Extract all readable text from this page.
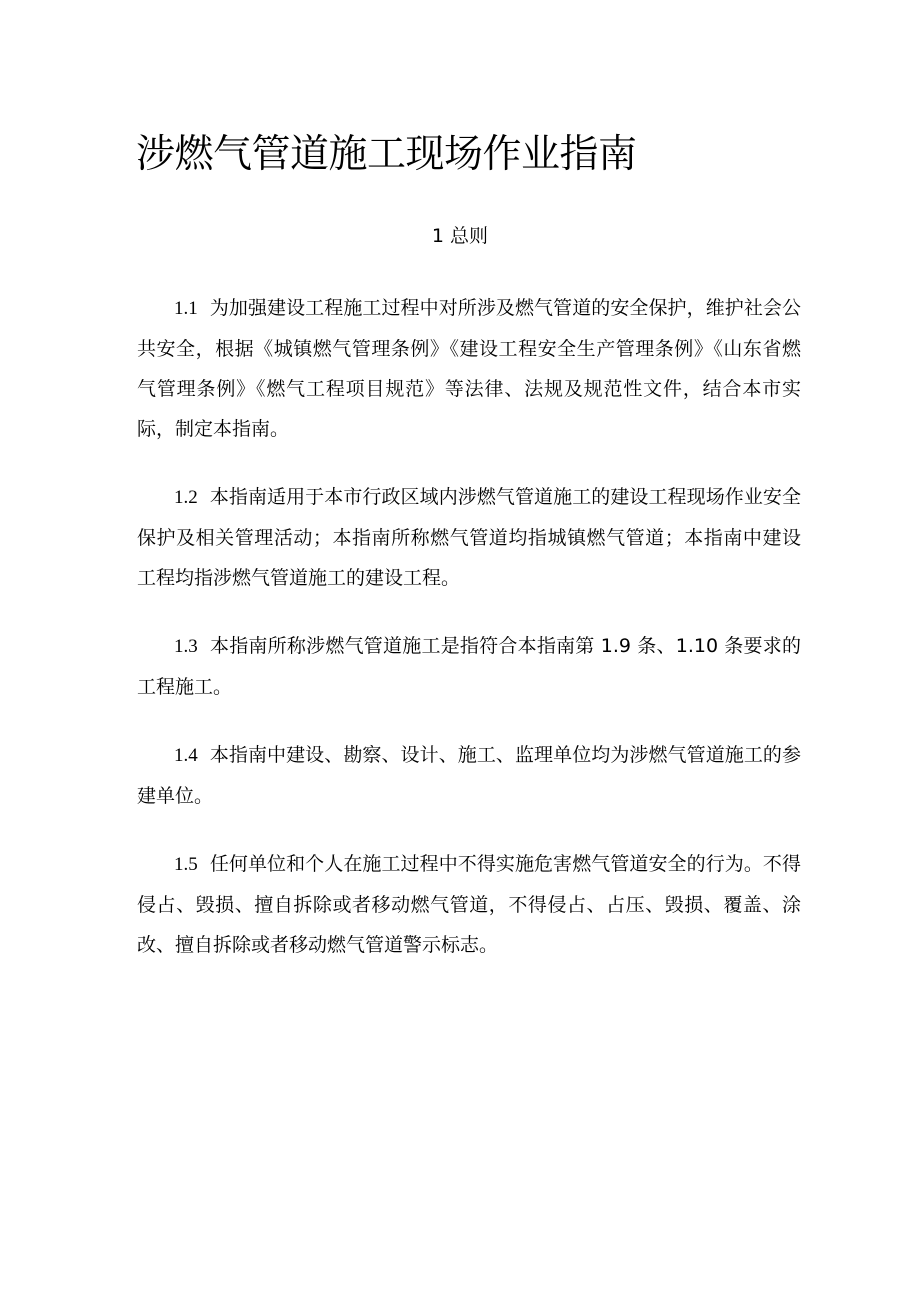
涉燃气管道施工现场作业指南
1 总则

1.1 为加强建设工程施工过程中对所涉及燃气管道的安全保护，维护社会公共安全，根据《城镇燃气管理条例》《建设工程安全生产管理条例》《山东省燃气管理条例》《燃气工程项目规范》等法律、法规及规范性文件，结合本市实际，制定本指南。

1.2 本指南适用于本市行政区域内涉燃气管道施工的建设工程现场作业安全保护及相关管理活动；本指南所称燃气管道均指城镇燃气管道；本指南中建设工程均指涉燃气管道施工的建设工程。

1.3 本指南所称涉燃气管道施工是指符合本指南第 1.9 条、1.10 条要求的工程施工。

1.4 本指南中建设、勘察、设计、施工、监理单位均为涉燃气管道施工的参建单位。

1.5 任何单位和个人在施工过程中不得实施危害燃气管道安全的行为。不得侵占、毁损、擅自拆除或者移动燃气管道，不得侵占、占压、毁损、覆盖、涂改、擅自拆除或者移动燃气管道警示标志。
